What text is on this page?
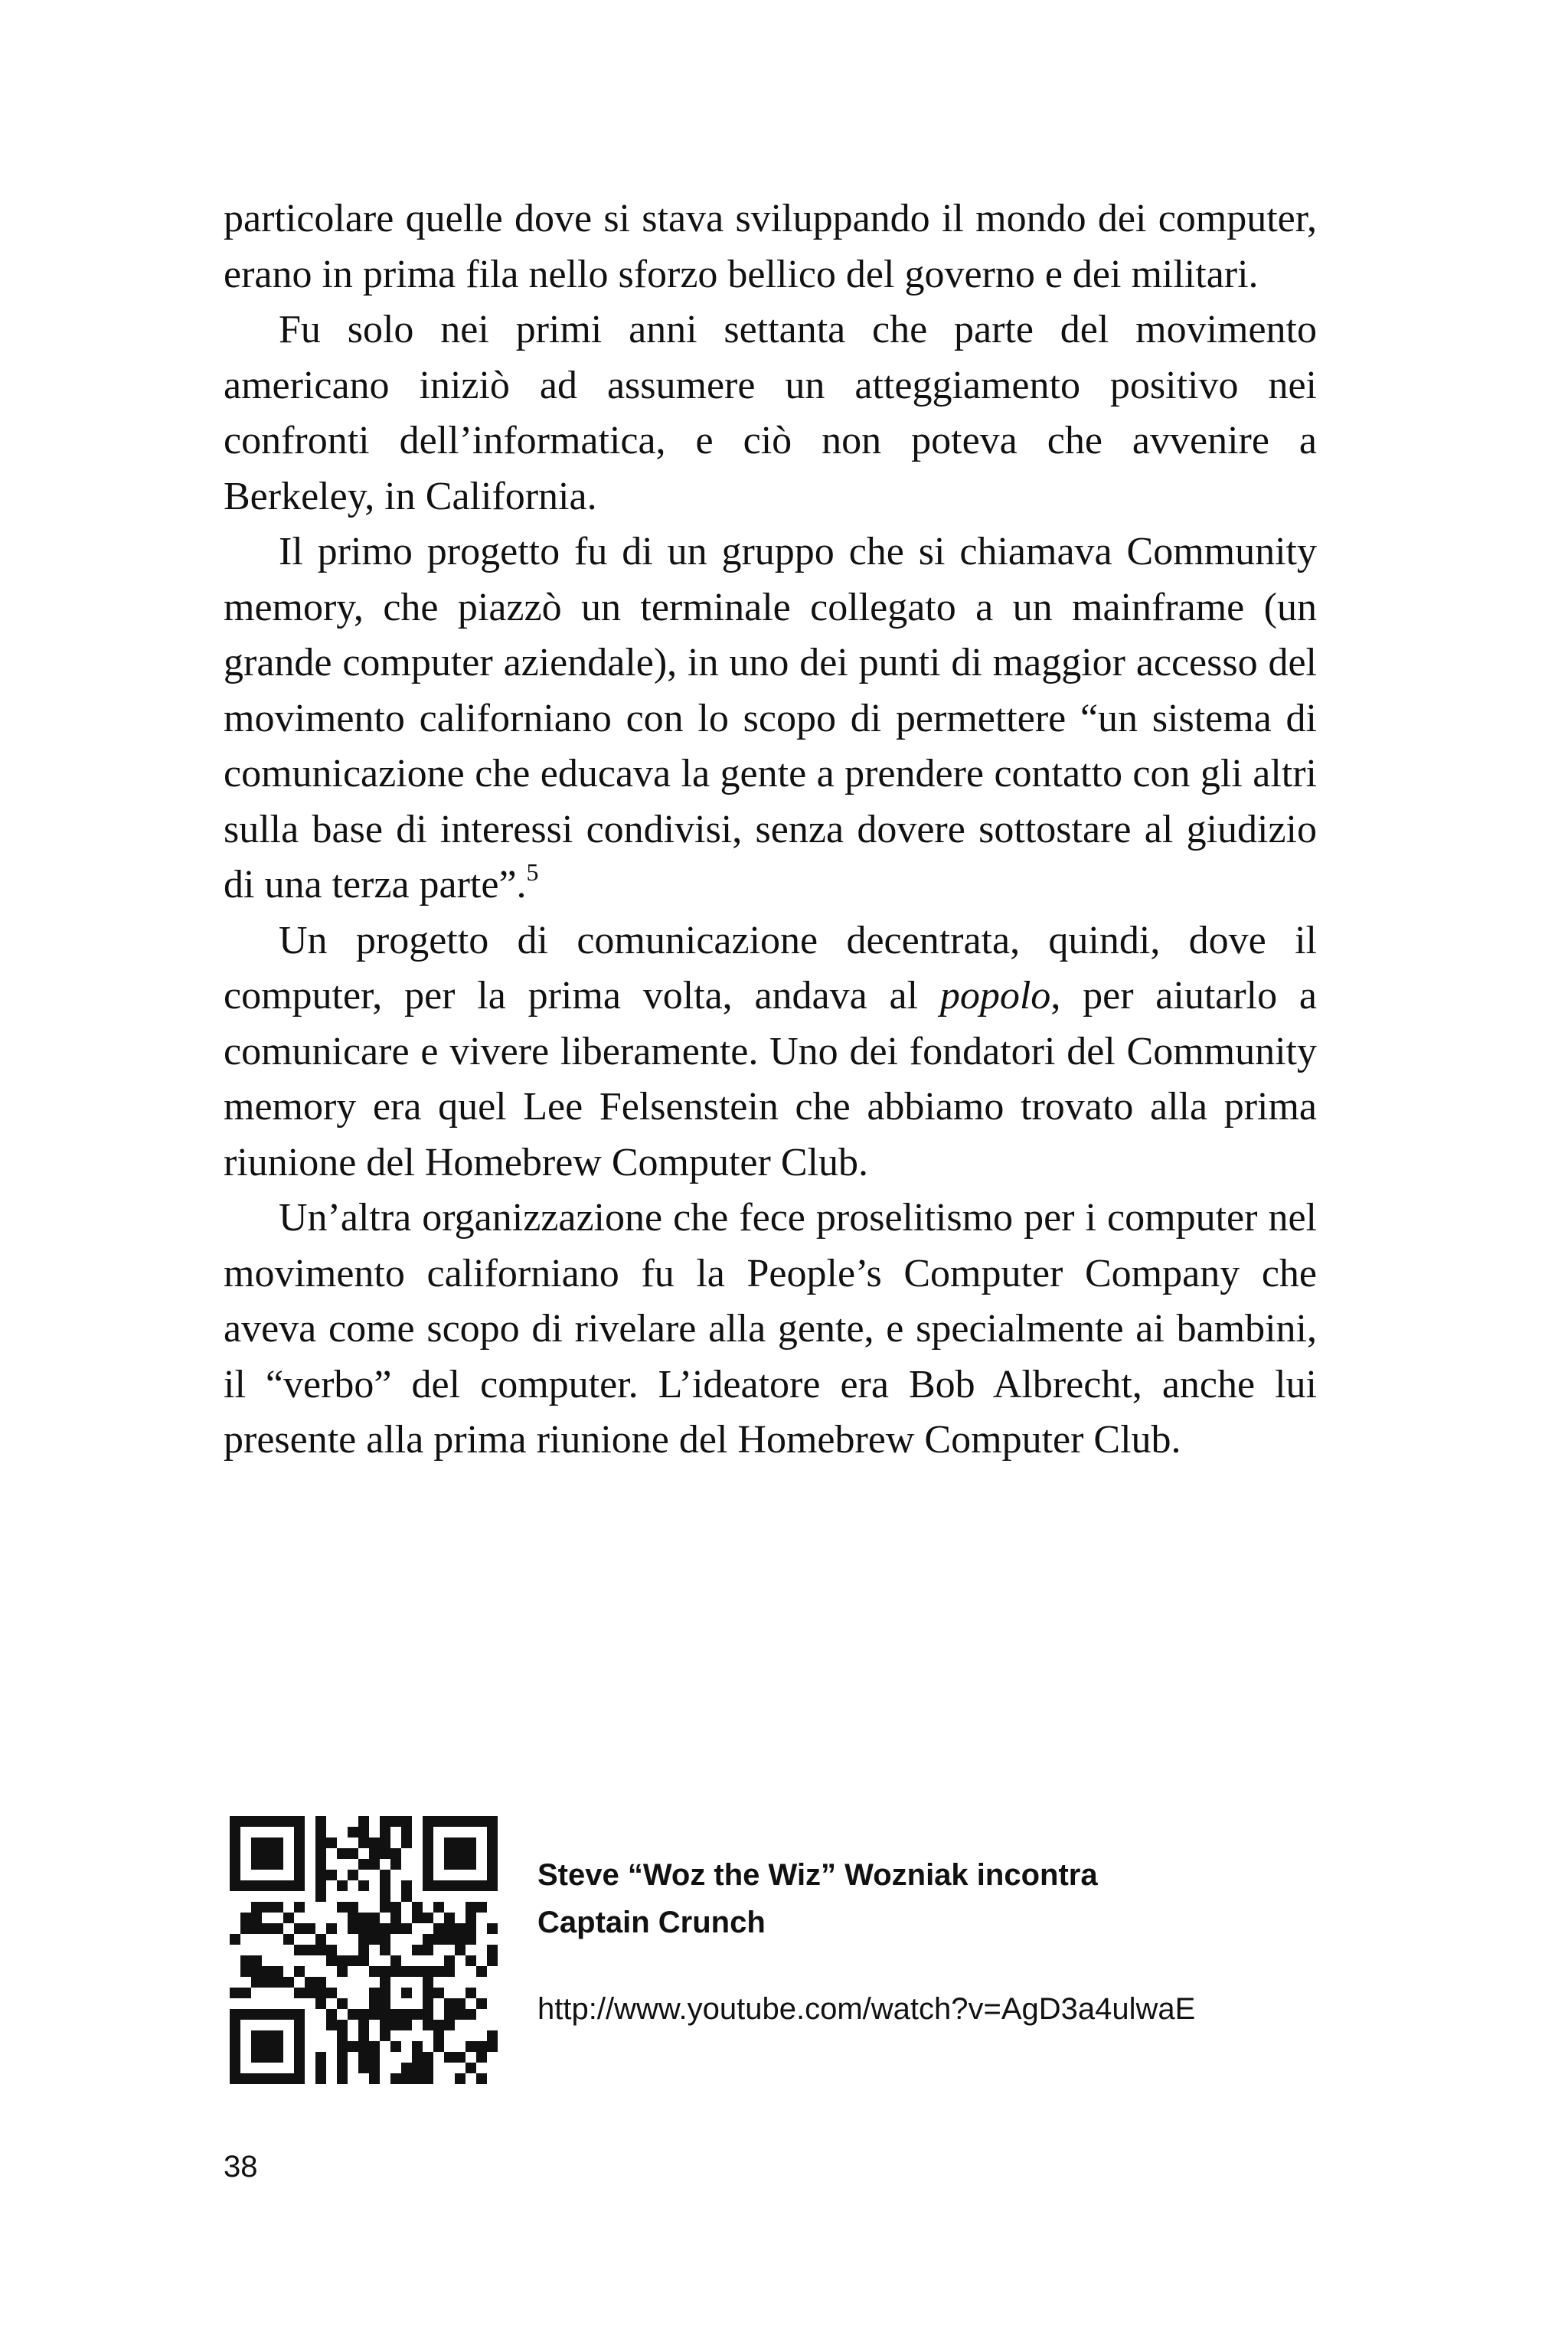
particolare quelle dove si stava sviluppando il mondo dei computer, erano in prima fila nello sforzo bellico del governo e dei militari.

Fu solo nei primi anni settanta che parte del movimento americano iniziò ad assumere un atteggiamento positivo nei confronti dell’informatica, e ciò non poteva che avvenire a Berkeley, in California.

Il primo progetto fu di un gruppo che si chiamava Community memory, che piazzò un terminale collegato a un mainframe (un grande computer aziendale), in uno dei punti di maggior accesso del movimento californiano con lo scopo di permettere “un sistema di comunicazione che educava la gente a prendere contatto con gli altri sulla base di interessi condivisi, senza dovere sottostare al giudizio di una terza parte”.$^5$

Un progetto di comunicazione decentrata, quindi, dove il computer, per la prima volta, andava al popolo, per aiutarlo a comunicare e vivere liberamente. Uno dei fondatori del Community memory era quel Lee Felsenstein che abbiamo trovato alla prima riunione del Homebrew Computer Club.

Un’altra organizzazione che fece proselitismo per i computer nel movimento californiano fu la People’s Computer Company che aveva come scopo di rivelare alla gente, e specialmente ai bambini, il “verbo” del computer. L’ideatore era Bob Albrecht, anche lui presente alla prima riunione del Homebrew Computer Club.

Steve “Woz the Wiz” Wozniak incontra
Captain Crunch
http://www.youtube.com/watch?v=AgD3a4ulwaE
38
